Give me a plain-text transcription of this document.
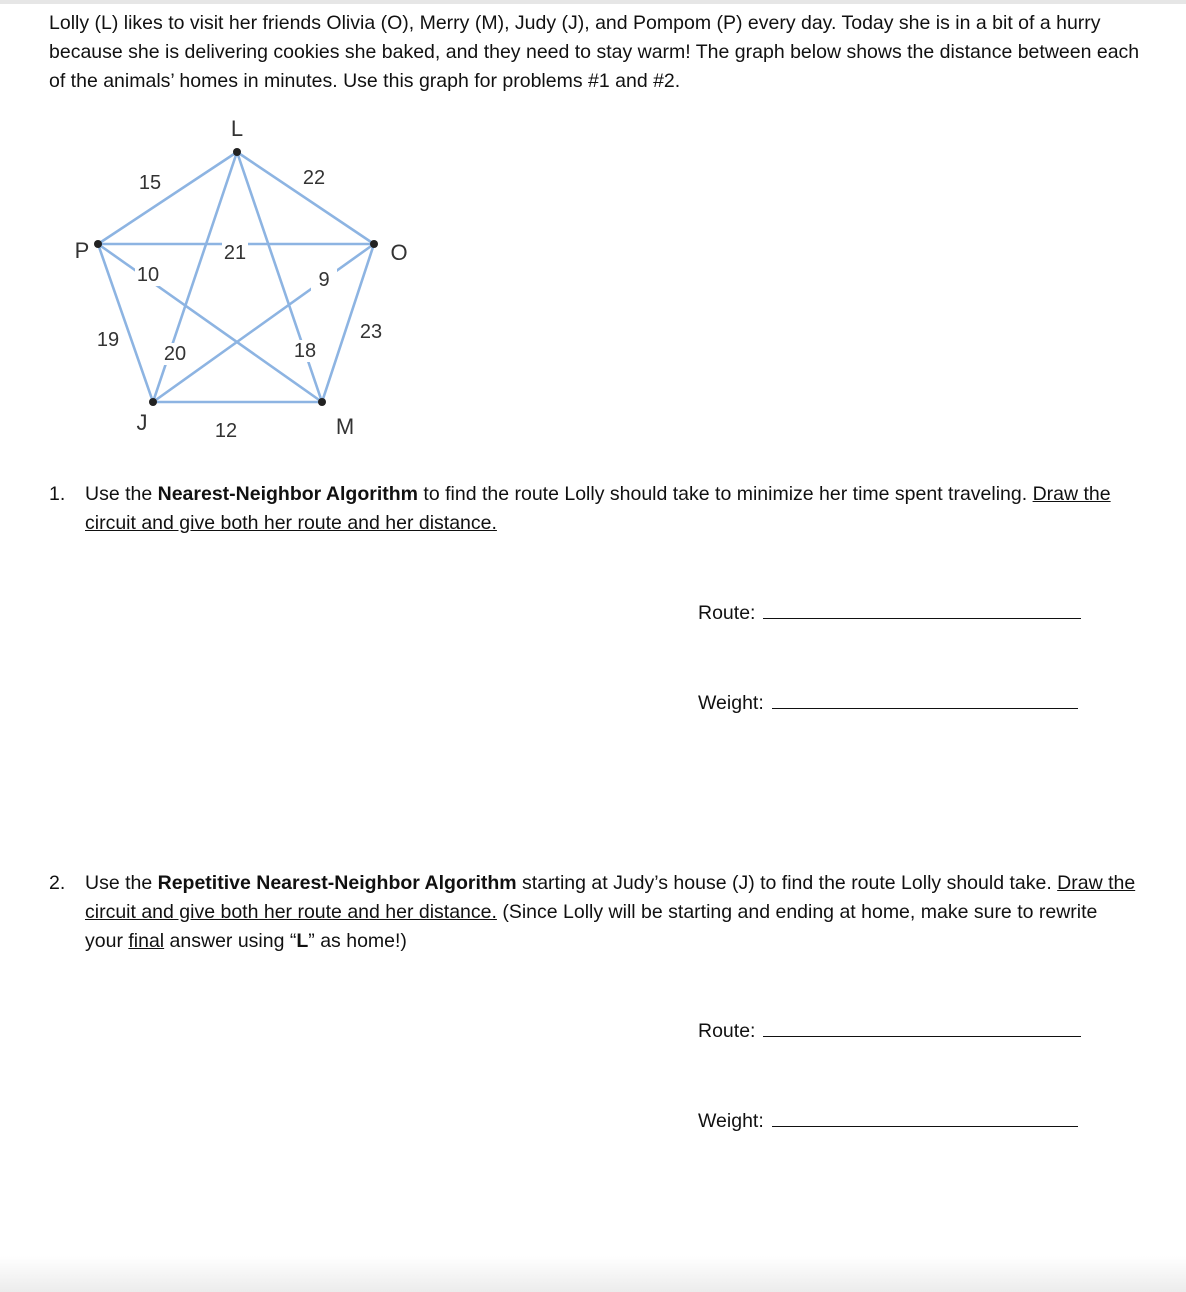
Lolly (L) likes to visit her friends Olivia (O), Merry (M), Judy (J), and Pompom (P) every day. Today she is in a bit of a hurry because she is delivering cookies she baked, and they need to stay warm! The graph below shows the distance between each of the animals’ homes in minutes. Use this graph for problems #1 and #2.

15	22
21
20	18
10	9
23
19
12
L
O
M
J
P
1. Use the Nearest-Neighbor Algorithm to find the route Lolly should take to minimize her time spent traveling. Draw the circuit and give both her route and her distance.
Route:
Weight:
2. Use the Repetitive Nearest-Neighbor Algorithm starting at Judy’s house (J) to find the route Lolly should take. Draw the circuit and give both her route and her distance. (Since Lolly will be starting and ending at home, make sure to rewrite your final answer using “L” as home!)
Route:
Weight:
